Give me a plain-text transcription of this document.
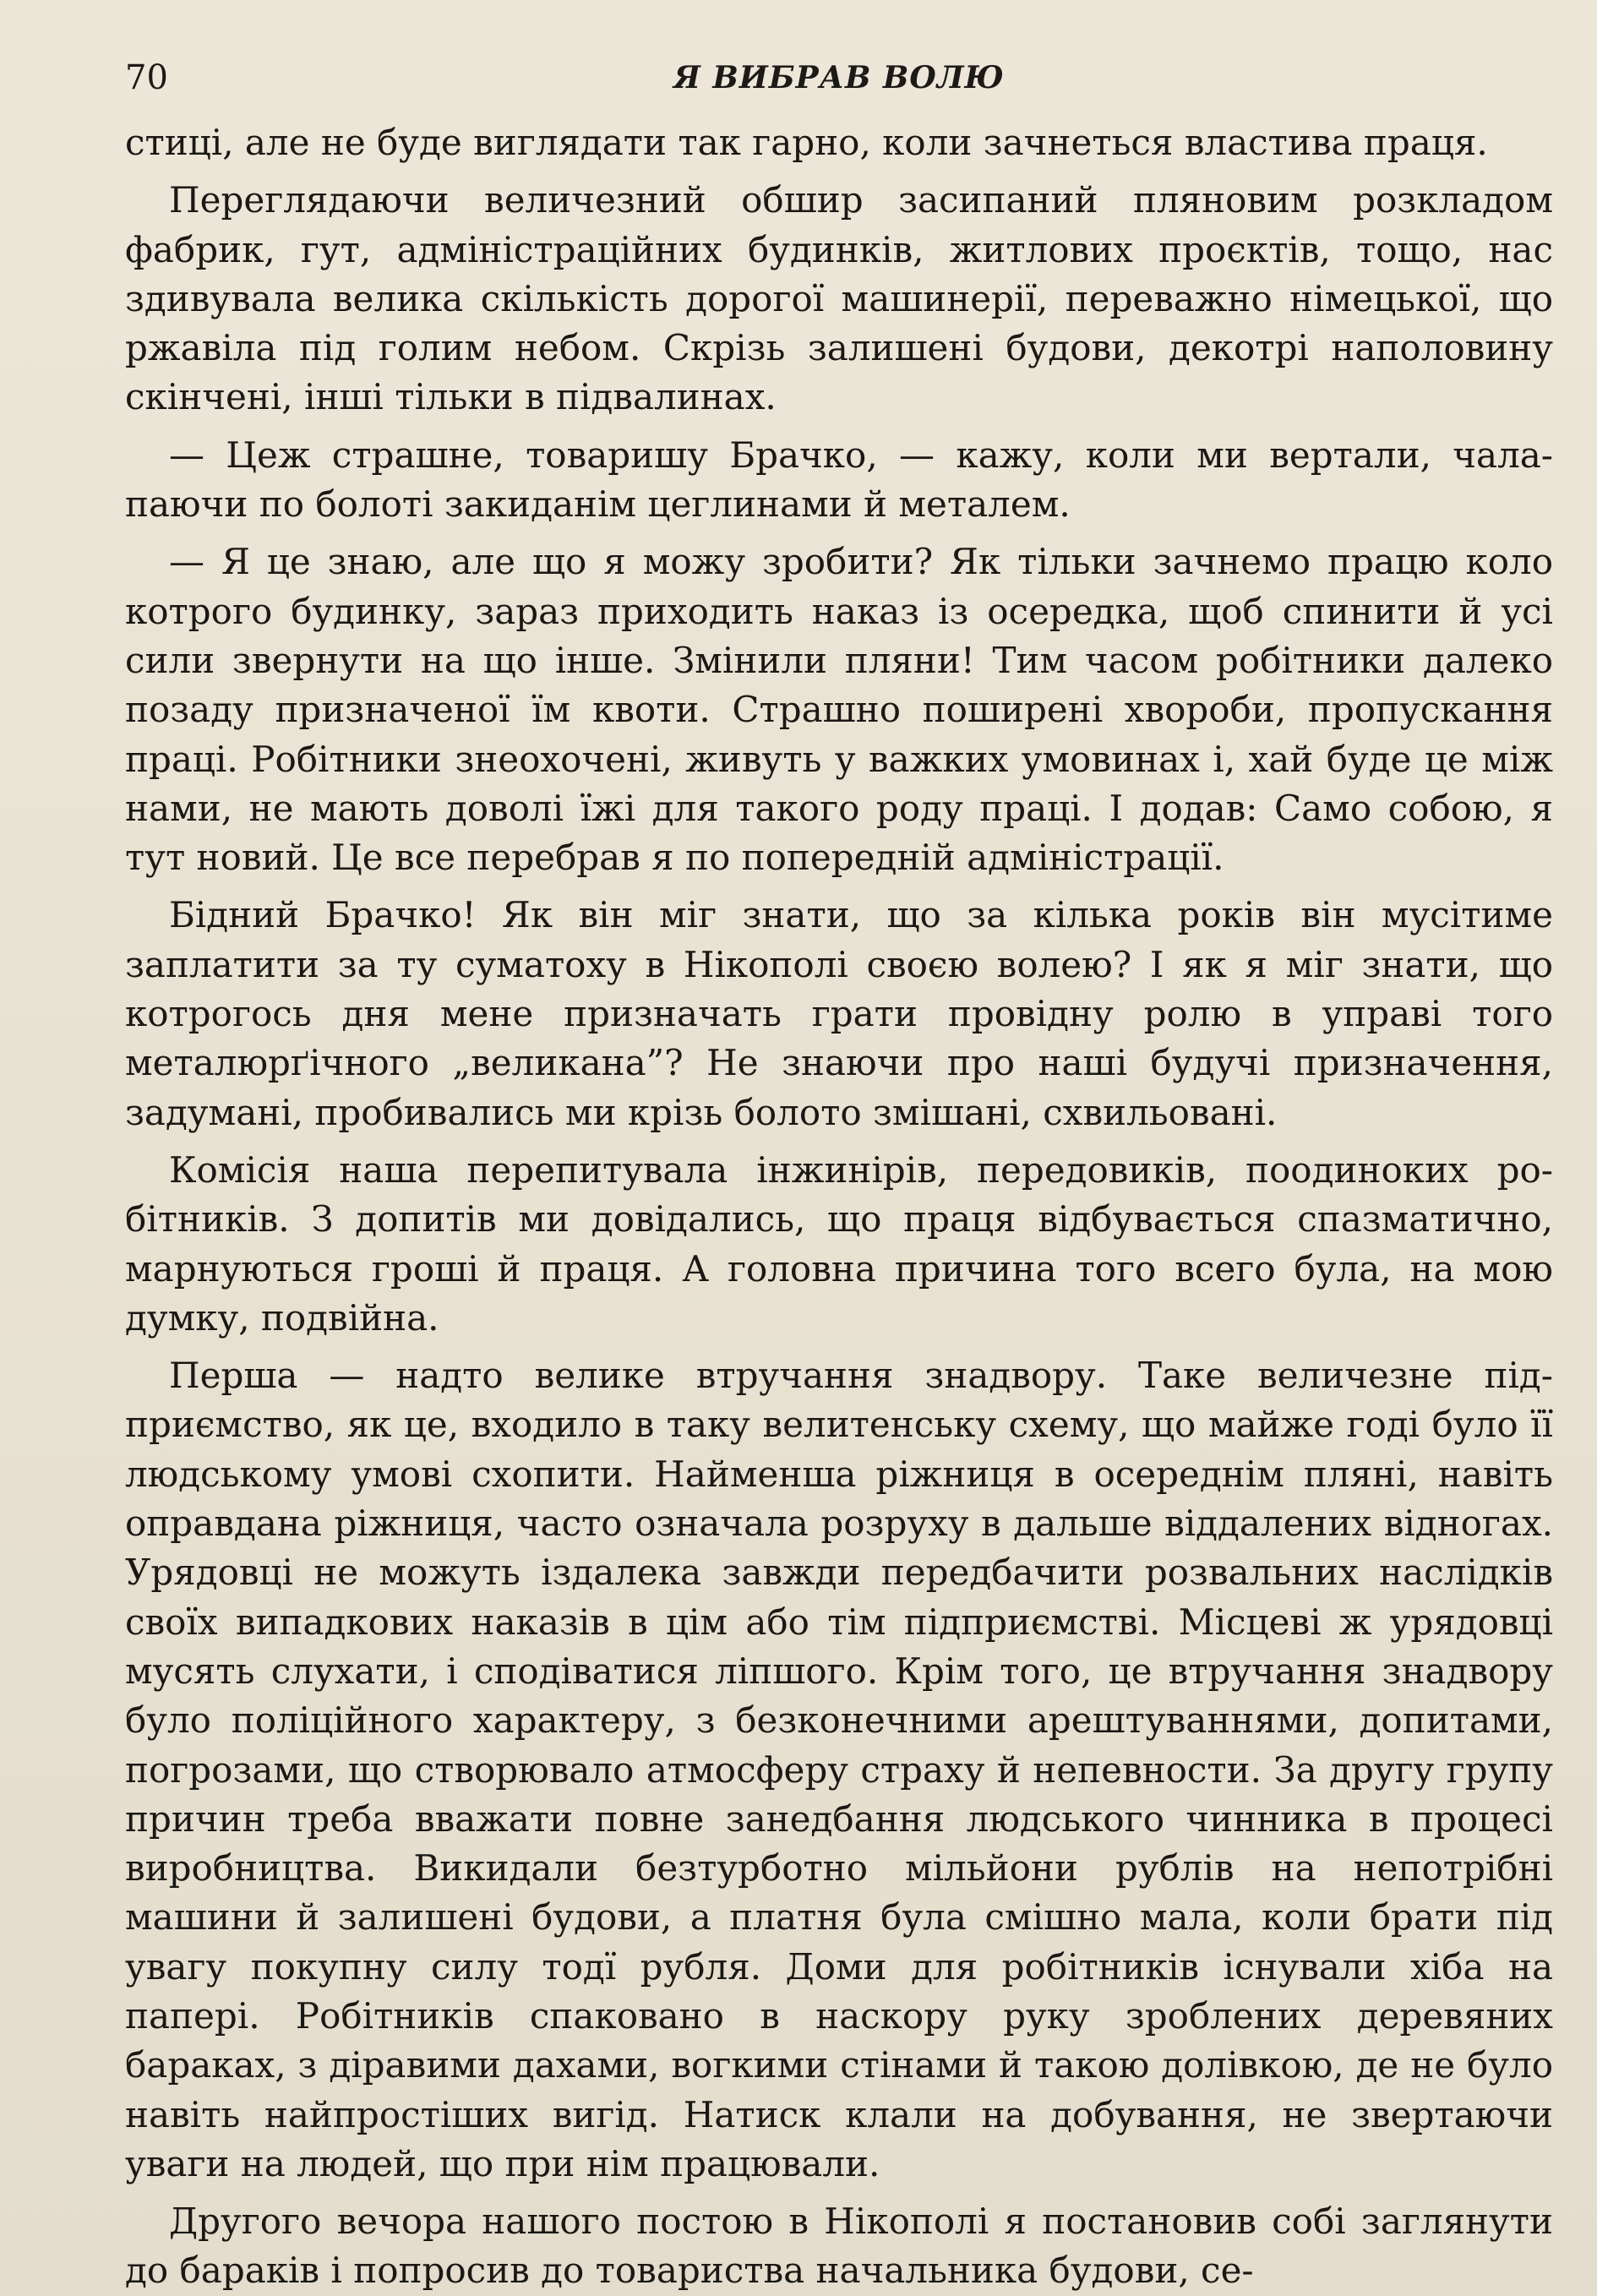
70	Я ВИБРАВ ВОЛЮ

стиці, але не буде виглядати так гарно, коли зачнеться властива праця.

Переглядаючи величезний обшир засипаний пляновим розкладом фабрик, гут, адміністраційних будинків, житлових проєктів, тощо, нас здивувала велика скількість дорогої машинерії, переважно німецької, що ржавіла під голим небом. Скрізь залишені будови, декотрі наполовину скінчені, інші тільки в підвалинах.

— Цеж страшне, товаришу Брачко, — кажу, коли ми вертали, чалапаючи по болоті закиданім цеглинами й металем.

— Я це знаю, але що я можу зробити? Як тільки зачнемо працю коло котрого будинку, зараз приходить наказ із осередка, щоб спинити й усі сили звернути на що інше. Змінили пляни! Тим часом робітники далеко позаду призначеної їм квоти. Страшно поширені хвороби, пропускання праці. Робітники знеохочені, живуть у важких умовинах і, хай буде це між нами, не мають доволі їжі для такого роду праці. І додав: Само собою, я тут новий. Це все перебрав я по попередній адміністрації.

Бідний Брачко! Як він міг знати, що за кілька років він мусітиме заплатити за ту суматоху в Нікополі своєю волею? І як я міг знати, що котрогось дня мене призначать грати провідну ролю в управі того металюрґічного „великана”? Не знаючи про наші будучі призначення, задумані, пробивались ми крізь болото змішані, схвильовані.

Комісія наша перепитувала інжинірів, передовиків, поодиноких робітників. З допитів ми довідались, що праця відбувається спазматично, марнуються гроші й праця. А головна причина того всего була, на мою думку, подвійна.

Перша — надто велике втручання знадвору. Таке величезне підприємство, як це, входило в таку велитенську схему, що майже годі було її людському умові схопити. Найменша ріжниця в осереднім пляні, навіть оправдана ріжниця, часто означала розруху в дальше віддалених відногах. Урядовці не можуть іздалека завжди передбачити розвальних наслідків своїх випадкових наказів в цім або тім підприємстві. Місцеві ж урядовці мусять слухати, і сподіватися ліпшого. Крім того, це втручання знадвору було поліційного характеру, з безконечними арештуваннями, допитами, погрозами, що створювало атмосферу страху й непевности. За другу групу причин треба вважати повне занедбання людського чинника в процесі виробництва. Викидали безтурботно мільйони рублів на непотрібні машини й залишені будови, а платня була смішно мала, коли брати під увагу покупну силу тодї рубля. Доми для робітників існували хіба на папері. Робітників спаковано в наскору руку зроблених деревяних бараках, з діравими дахами, вогкими стінами й такою долівкою, де не було навіть найпростіших вигід. Натиск клали на добування, не звертаючи уваги на людей, що при нім працювали.

Другого вечора нашого постою в Нікополі я постановив собі заглянути до бараків і попросив до товариства начальника будови, се-
